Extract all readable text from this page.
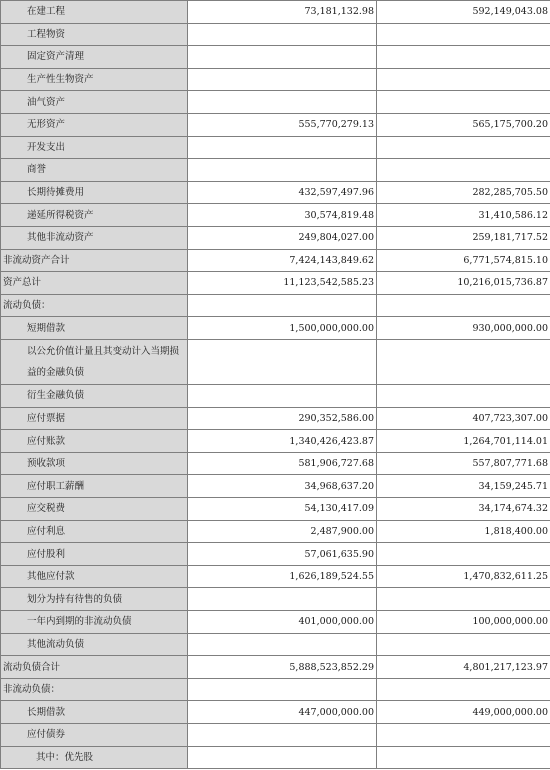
在建工程	73,181,132.98	592,149,043.08
工程物资		
固定资产清理		
生产性生物资产		
油气资产		
无形资产	555,770,279.13	565,175,700.20
开发支出		
商誉		
长期待摊费用	432,597,497.96	282,285,705.50
递延所得税资产	30,574,819.48	31,410,586.12
其他非流动资产	249,804,027.00	259,181,717.52
非流动资产合计	7,424,143,849.62	6,771,574,815.10
资产总计	11,123,542,585.23	10,216,015,736.87
流动负债：		
短期借款	1,500,000,000.00	930,000,000.00
以公允价值计量且其变动计入当期损益的金融负债		
衍生金融负债		
应付票据	290,352,586.00	407,723,307.00
应付账款	1,340,426,423.87	1,264,701,114.01
预收款项	581,906,727.68	557,807,771.68
应付职工薪酬	34,968,637.20	34,159,245.71
应交税费	54,130,417.09	34,174,674.32
应付利息	2,487,900.00	1,818,400.00
应付股利	57,061,635.90	
其他应付款	1,626,189,524.55	1,470,832,611.25
划分为持有待售的负债		
一年内到期的非流动负债	401,000,000.00	100,000,000.00
其他流动负债		
流动负债合计	5,888,523,852.29	4,801,217,123.97
非流动负债：		
长期借款	447,000,000.00	449,000,000.00
应付债券		
其中：优先股		
